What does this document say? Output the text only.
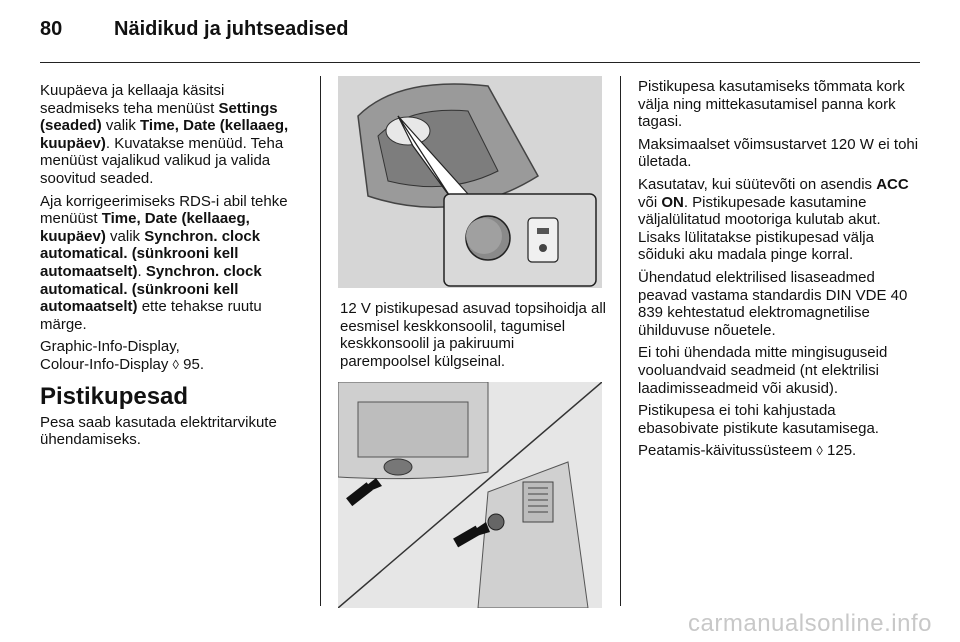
80	Näidikud ja juhtseadised

Kuupäeva ja kellaaja käsitsi seadmiseks teha menüüst Settings (seaded) valik Time, Date (kellaaeg, kuupäev). Kuvatakse menüüd. Teha menüüst vajalikud valikud ja valida soovitud seaded.

Aja korrigeerimiseks RDS-i abil tehke menüüst Time, Date (kellaaeg, kuupäev) valik Synchron. clock automatical. (sünkrooni kell automaatselt). Synchron. clock automatical. (sünkrooni kell automaatselt) ette tehakse ruutu märge.

Graphic-Info-Display,
Colour-Info-Display ◊ 95.

Pistikupesad

Pesa saab kasutada elektritarvikute ühendamiseks.

12 V pistikupesad asuvad topsihoidja all eesmisel keskkonsoolil, tagumisel keskkonsoolil ja pakiruumi parempoolsel külgseinal.

Pistikupesa kasutamiseks tõmmata kork välja ning mittekasutamisel panna kork tagasi.

Maksimaalset võimsustarvet 120 W ei tohi ületada.

Kasutatav, kui süütevõti on asendis ACC või ON. Pistikupesade kasutamine väljalülitatud mootoriga kulutab akut. Lisaks lülitatakse pistikupesad välja sõiduki aku madala pinge korral.

Ühendatud elektrilised lisaseadmed peavad vastama standardis DIN VDE 40 839 kehtestatud elektromagnetilise ühilduvuse nõuetele.

Ei tohi ühendada mitte mingisuguseid vooluandvaid seadmeid (nt elektrilisi laadimisseadmeid või akusid).

Pistikupesa ei tohi kahjustada ebasobivate pistikute kasutamisega.

Peatamis-käivitussüsteem ◊ 125.

carmanualsonline.info
